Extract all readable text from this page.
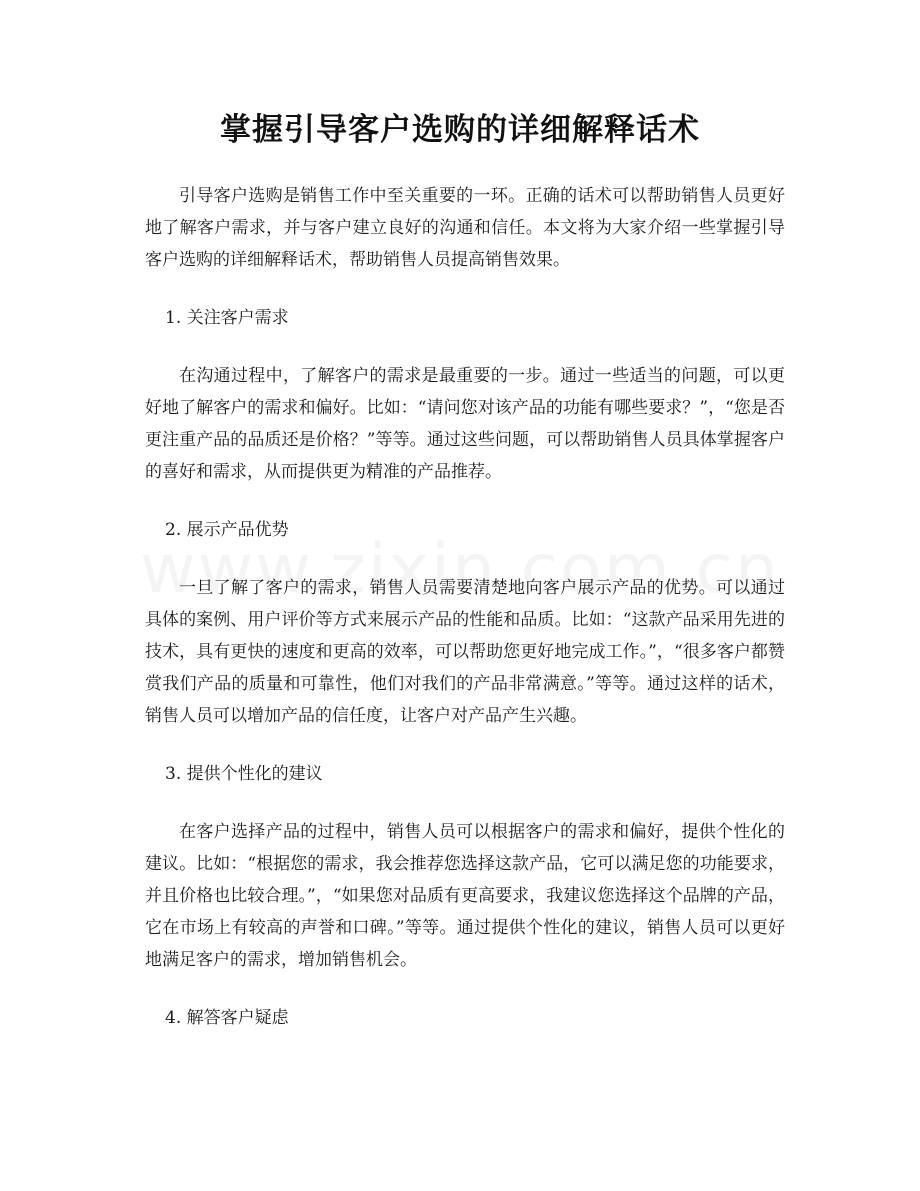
掌握引导客户选购的详细解释话术

引导客户选购是销售工作中至关重要的一环。正确的话术可以帮助销售人员更好地了解客户需求，并与客户建立良好的沟通和信任。本文将为大家介绍一些掌握引导客户选购的详细解释话术，帮助销售人员提高销售效果。

1. 关注客户需求

在沟通过程中，了解客户的需求是最重要的一步。通过一些适当的问题，可以更好地了解客户的需求和偏好。比如：“请问您对该产品的功能有哪些要求？”，“您是否更注重产品的品质还是价格？”等等。通过这些问题，可以帮助销售人员具体掌握客户的喜好和需求，从而提供更为精准的产品推荐。

2. 展示产品优势

一旦了解了客户的需求，销售人员需要清楚地向客户展示产品的优势。可以通过具体的案例、用户评价等方式来展示产品的性能和品质。比如：“这款产品采用先进的技术，具有更快的速度和更高的效率，可以帮助您更好地完成工作。”，“很多客户都赞赏我们产品的质量和可靠性，他们对我们的产品非常满意。”等等。通过这样的话术，销售人员可以增加产品的信任度，让客户对产品产生兴趣。

3. 提供个性化的建议

在客户选择产品的过程中，销售人员可以根据客户的需求和偏好，提供个性化的建议。比如：“根据您的需求，我会推荐您选择这款产品，它可以满足您的功能要求，并且价格也比较合理。”，“如果您对品质有更高要求，我建议您选择这个品牌的产品，它在市场上有较高的声誉和口碑。”等等。通过提供个性化的建议，销售人员可以更好地满足客户的需求，增加销售机会。

4. 解答客户疑虑
